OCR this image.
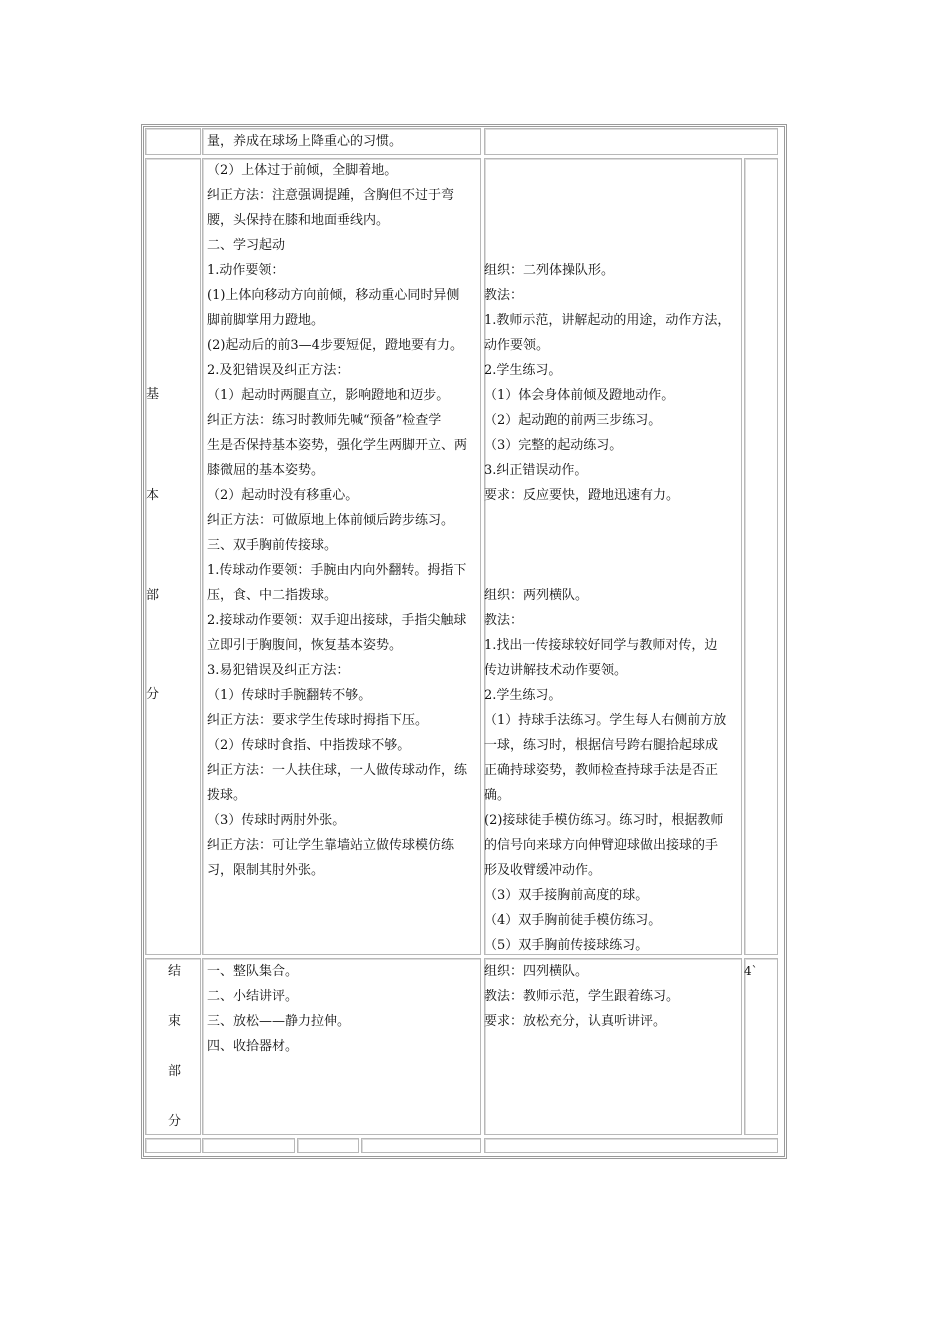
量，养成在球场上降重心的习惯。
基
本
部
分
（2）上体过于前倾，全脚着地。
纠正方法：注意强调提踵，含胸但不过于弯
腰，头保持在膝和地面垂线内。
二、学习起动
1.动作要领：
(1)上体向移动方向前倾，移动重心同时异侧
脚前脚掌用力蹬地。
(2)起动后的前3—4步要短促，蹬地要有力。
2.及犯错误及纠正方法：
（1）起动时两腿直立，影响蹬地和迈步。
纠正方法：练习时教师先喊“预备”检查学
生是否保持基本姿势，强化学生两脚开立、两
膝微屈的基本姿势。
（2）起动时没有移重心。
纠正方法：可做原地上体前倾后跨步练习。
三、双手胸前传接球。
1.传球动作要领：手腕由内向外翻转。拇指下
压，食、中二指拨球。
2.接球动作要领：双手迎出接球，手指尖触球
立即引于胸腹间，恢复基本姿势。
3.易犯错误及纠正方法：
（1）传球时手腕翻转不够。
纠正方法：要求学生传球时拇指下压。
（2）传球时食指、中指拨球不够。
纠正方法：一人扶住球，一人做传球动作，练
拨球。
（3）传球时两肘外张。
纠正方法：可让学生靠墙站立做传球模仿练
习，限制其肘外张。
组织：二列体操队形。
教法：
1.教师示范，讲解起动的用途，动作方法，
动作要领。
2.学生练习。
（1）体会身体前倾及蹬地动作。
（2）起动跑的前两三步练习。
（3）完整的起动练习。
3.纠正错误动作。
要求：反应要快，蹬地迅速有力。
组织：两列横队。
教法：
1.找出一传接球较好同学与教师对传，边
传边讲解技术动作要领。
2.学生练习。
（1）持球手法练习。学生每人右侧前方放
一球，练习时，根据信号跨右腿拾起球成
正确持球姿势，教师检查持球手法是否正
确。
(2)接球徒手模仿练习。练习时，根据教师
的信号向来球方向伸臂迎球做出接球的手
形及收臂缓冲动作。
（3）双手接胸前高度的球。
（4）双手胸前徒手模仿练习。
（5）双手胸前传接球练习。
结
束
部
分
一、整队集合。
二、小结讲评。
三、放松——静力拉伸。
四、收拾器材。
组织：四列横队。
教法：教师示范，学生跟着练习。
要求：放松充分，认真听讲评。
4`
